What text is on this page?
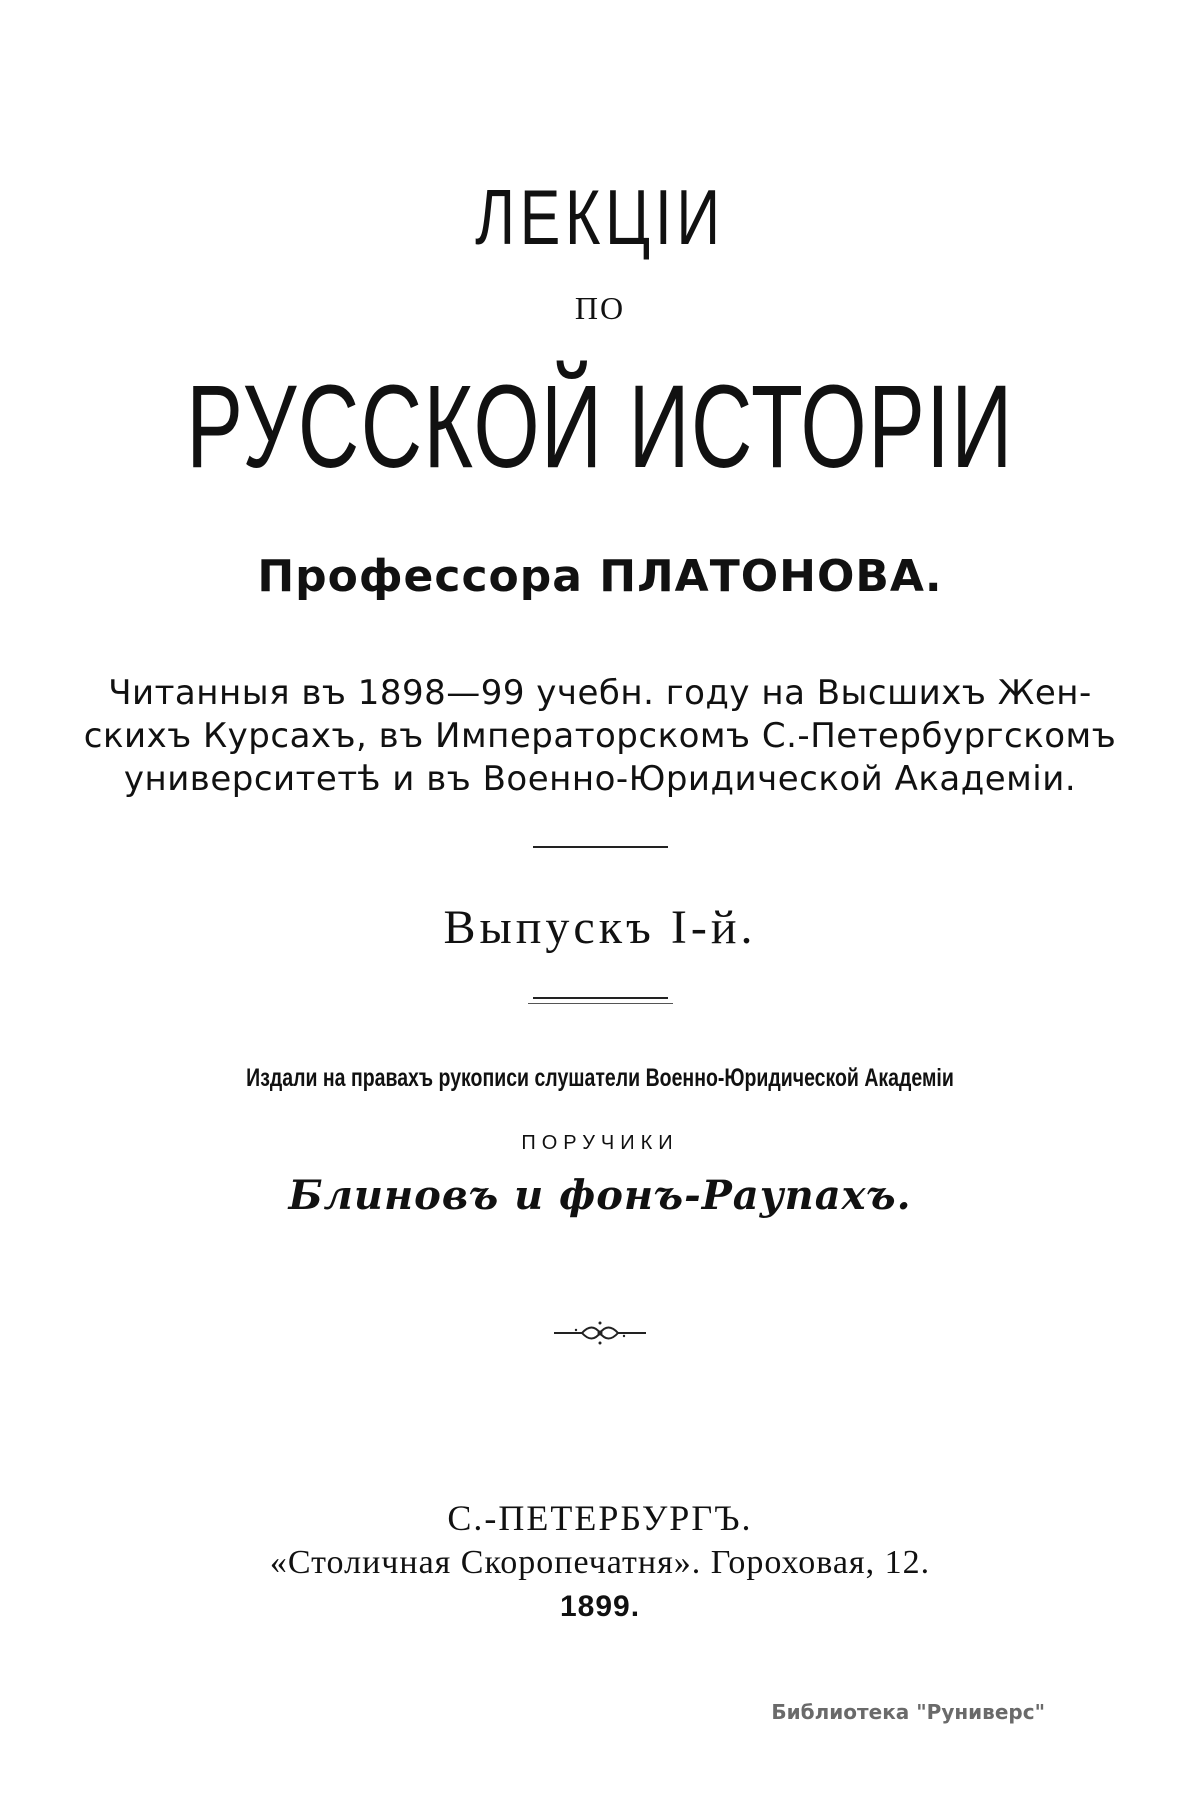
ЛЕКЦІИ
ПО
РУССКОЙ ИСТОРІИ
Профессора ПЛАТОНОВА.
Читанныя въ 1898—99 учебн. году на Высшихъ Жен-
скихъ Курсахъ, въ Императорскомъ С.-Петербургскомъ
университетѣ и въ Военно-Юридической Академіи.
Выпускъ I-й.
Издали на правахъ рукописи слушатели Военно-Юридической Академіи
ПОРУЧИКИ
Блиновъ и фонъ-Раупахъ.
С.-ПЕТЕРБУРГЪ.
«Столичная Скоропечатня». Гороховая, 12.
1899.
Библиотека "Руниверс"
